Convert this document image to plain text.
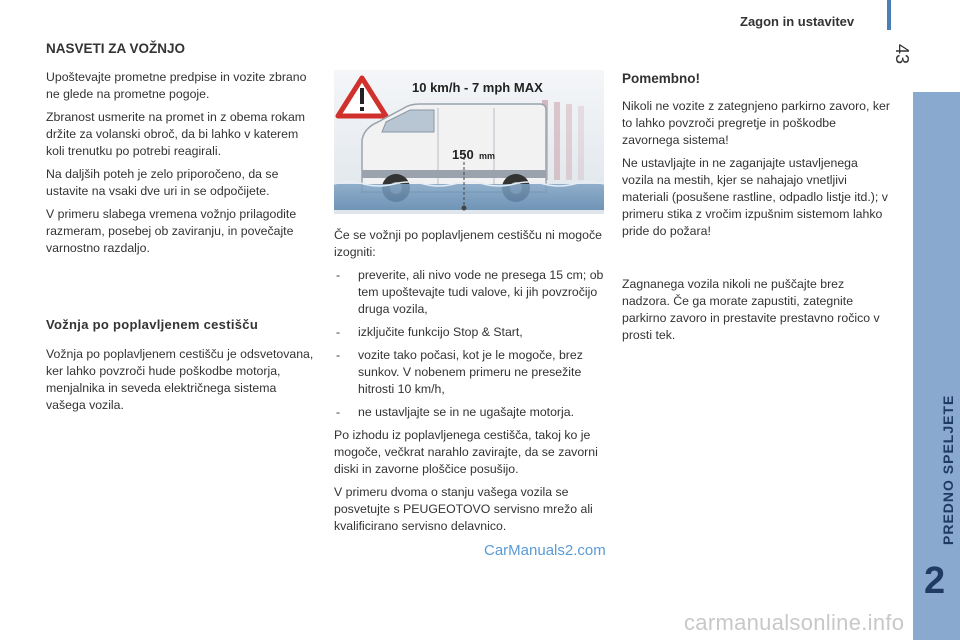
Zagon in ustavitev
43
PREDNO SPELJETE
2
NASVETI ZA VOŽNJO

Upoštevajte prometne predpise in vozite zbrano ne glede na prometne pogoje.

Zbranost usmerite na promet in z obema rokam držite za volanski obroč, da bi lahko v katerem koli trenutku po potrebi reagirali.

Na daljših poteh je zelo priporočeno, da se ustavite na vsaki dve uri in se odpočijete.

V primeru slabega vremena vožnjo prilagodite razmeram, posebej ob zaviranju, in povečajte varnostno razdaljo.

Vožnja po poplavljenem cestišču

Vožnja po poplavljenem cestišču je odsvetovana, ker lahko povzroči hude poškodbe motorja, menjalnika in seveda električnega sistema vašega vozila.

10 km/h - 7 mph MAX
150 mm

Če se vožnji po poplavljenem cestišču ni mogoče izogniti:

- preverite, ali nivo vode ne presega 15 cm; ob tem upoštevajte tudi valove, ki jih povzročijo druga vozila,
- izključite funkcijo Stop & Start,
- vozite tako počasi, kot je le mogoče, brez sunkov. V nobenem primeru ne presežite hitrosti 10 km/h,
- ne ustavljajte se in ne ugašajte motorja.

Po izhodu iz poplavljenega cestišča, takoj ko je mogoče, večkrat narahlo zavirajte, da se zavorni diski in zavorne ploščice posušijo.

V primeru dvoma o stanju vašega vozila se posvetujte s PEUGEOTOVO servisno mrežo ali kvalificirano servisno delavnico.

Pomembno!

Nikoli ne vozite z zategnjeno parkirno zavoro, ker to lahko povzroči pregretje in poškodbe zavornega sistema!

Ne ustavljajte in ne zaganjajte ustavljenega vozila na mestih, kjer se nahajajo vnetljivi materiali (posušene rastline, odpadlo listje itd.); v primeru stika z vročim izpušnim sistemom lahko pride do požara!

Zagnanega vozila nikoli ne puščajte brez nadzora. Če ga morate zapustiti, zategnite parkirno zavoro in prestavite prestavno ročico v prosti tek.

CarManuals2.com
carmanualsonline.info
